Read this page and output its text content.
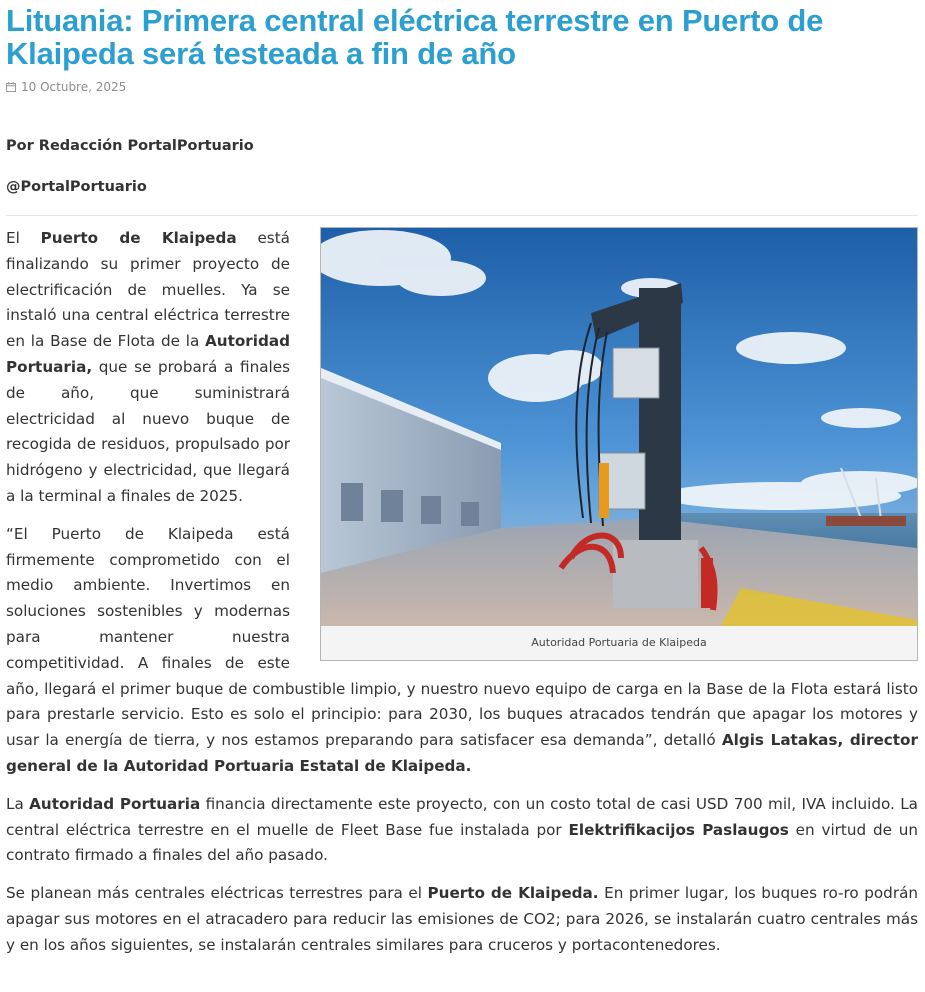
Lituania: Primera central eléctrica terrestre en Puerto de Klaipeda será testeada a fin de año
10 Octubre, 2025

Por Redacción PortalPortuario

@PortalPortuario

Autoridad Portuaria de Klaipeda

El Puerto de Klaipeda está finalizando su primer proyecto de electrificación de muelles. Ya se instaló una central eléctrica terrestre en la Base de Flota de la Autoridad Portuaria, que se probará a finales de año, que suministrará electricidad al nuevo buque de recogida de residuos, propulsado por hidrógeno y electricidad, que llegará a la terminal a finales de 2025.

“El Puerto de Klaipeda está firmemente comprometido con el medio ambiente. Invertimos en soluciones sostenibles y modernas para mantener nuestra competitividad. A finales de este año, llegará el primer buque de combustible limpio, y nuestro nuevo equipo de carga en la Base de la Flota estará listo para prestarle servicio. Esto es solo el principio: para 2030, los buques atracados tendrán que apagar los motores y usar la energía de tierra, y nos estamos preparando para satisfacer esa demanda”, detalló Algis Latakas, director general de la Autoridad Portuaria Estatal de Klaipeda.

La Autoridad Portuaria financia directamente este proyecto, con un costo total de casi USD 700 mil, IVA incluido. La central eléctrica terrestre en el muelle de Fleet Base fue instalada por Elektrifikacijos Paslaugos en virtud de un contrato firmado a finales del año pasado.

Se planean más centrales eléctricas terrestres para el Puerto de Klaipeda. En primer lugar, los buques ro-ro podrán apagar sus motores en el atracadero para reducir las emisiones de CO2; para 2026, se instalarán cuatro centrales más y en los años siguientes, se instalarán centrales similares para cruceros y portacontenedores.
